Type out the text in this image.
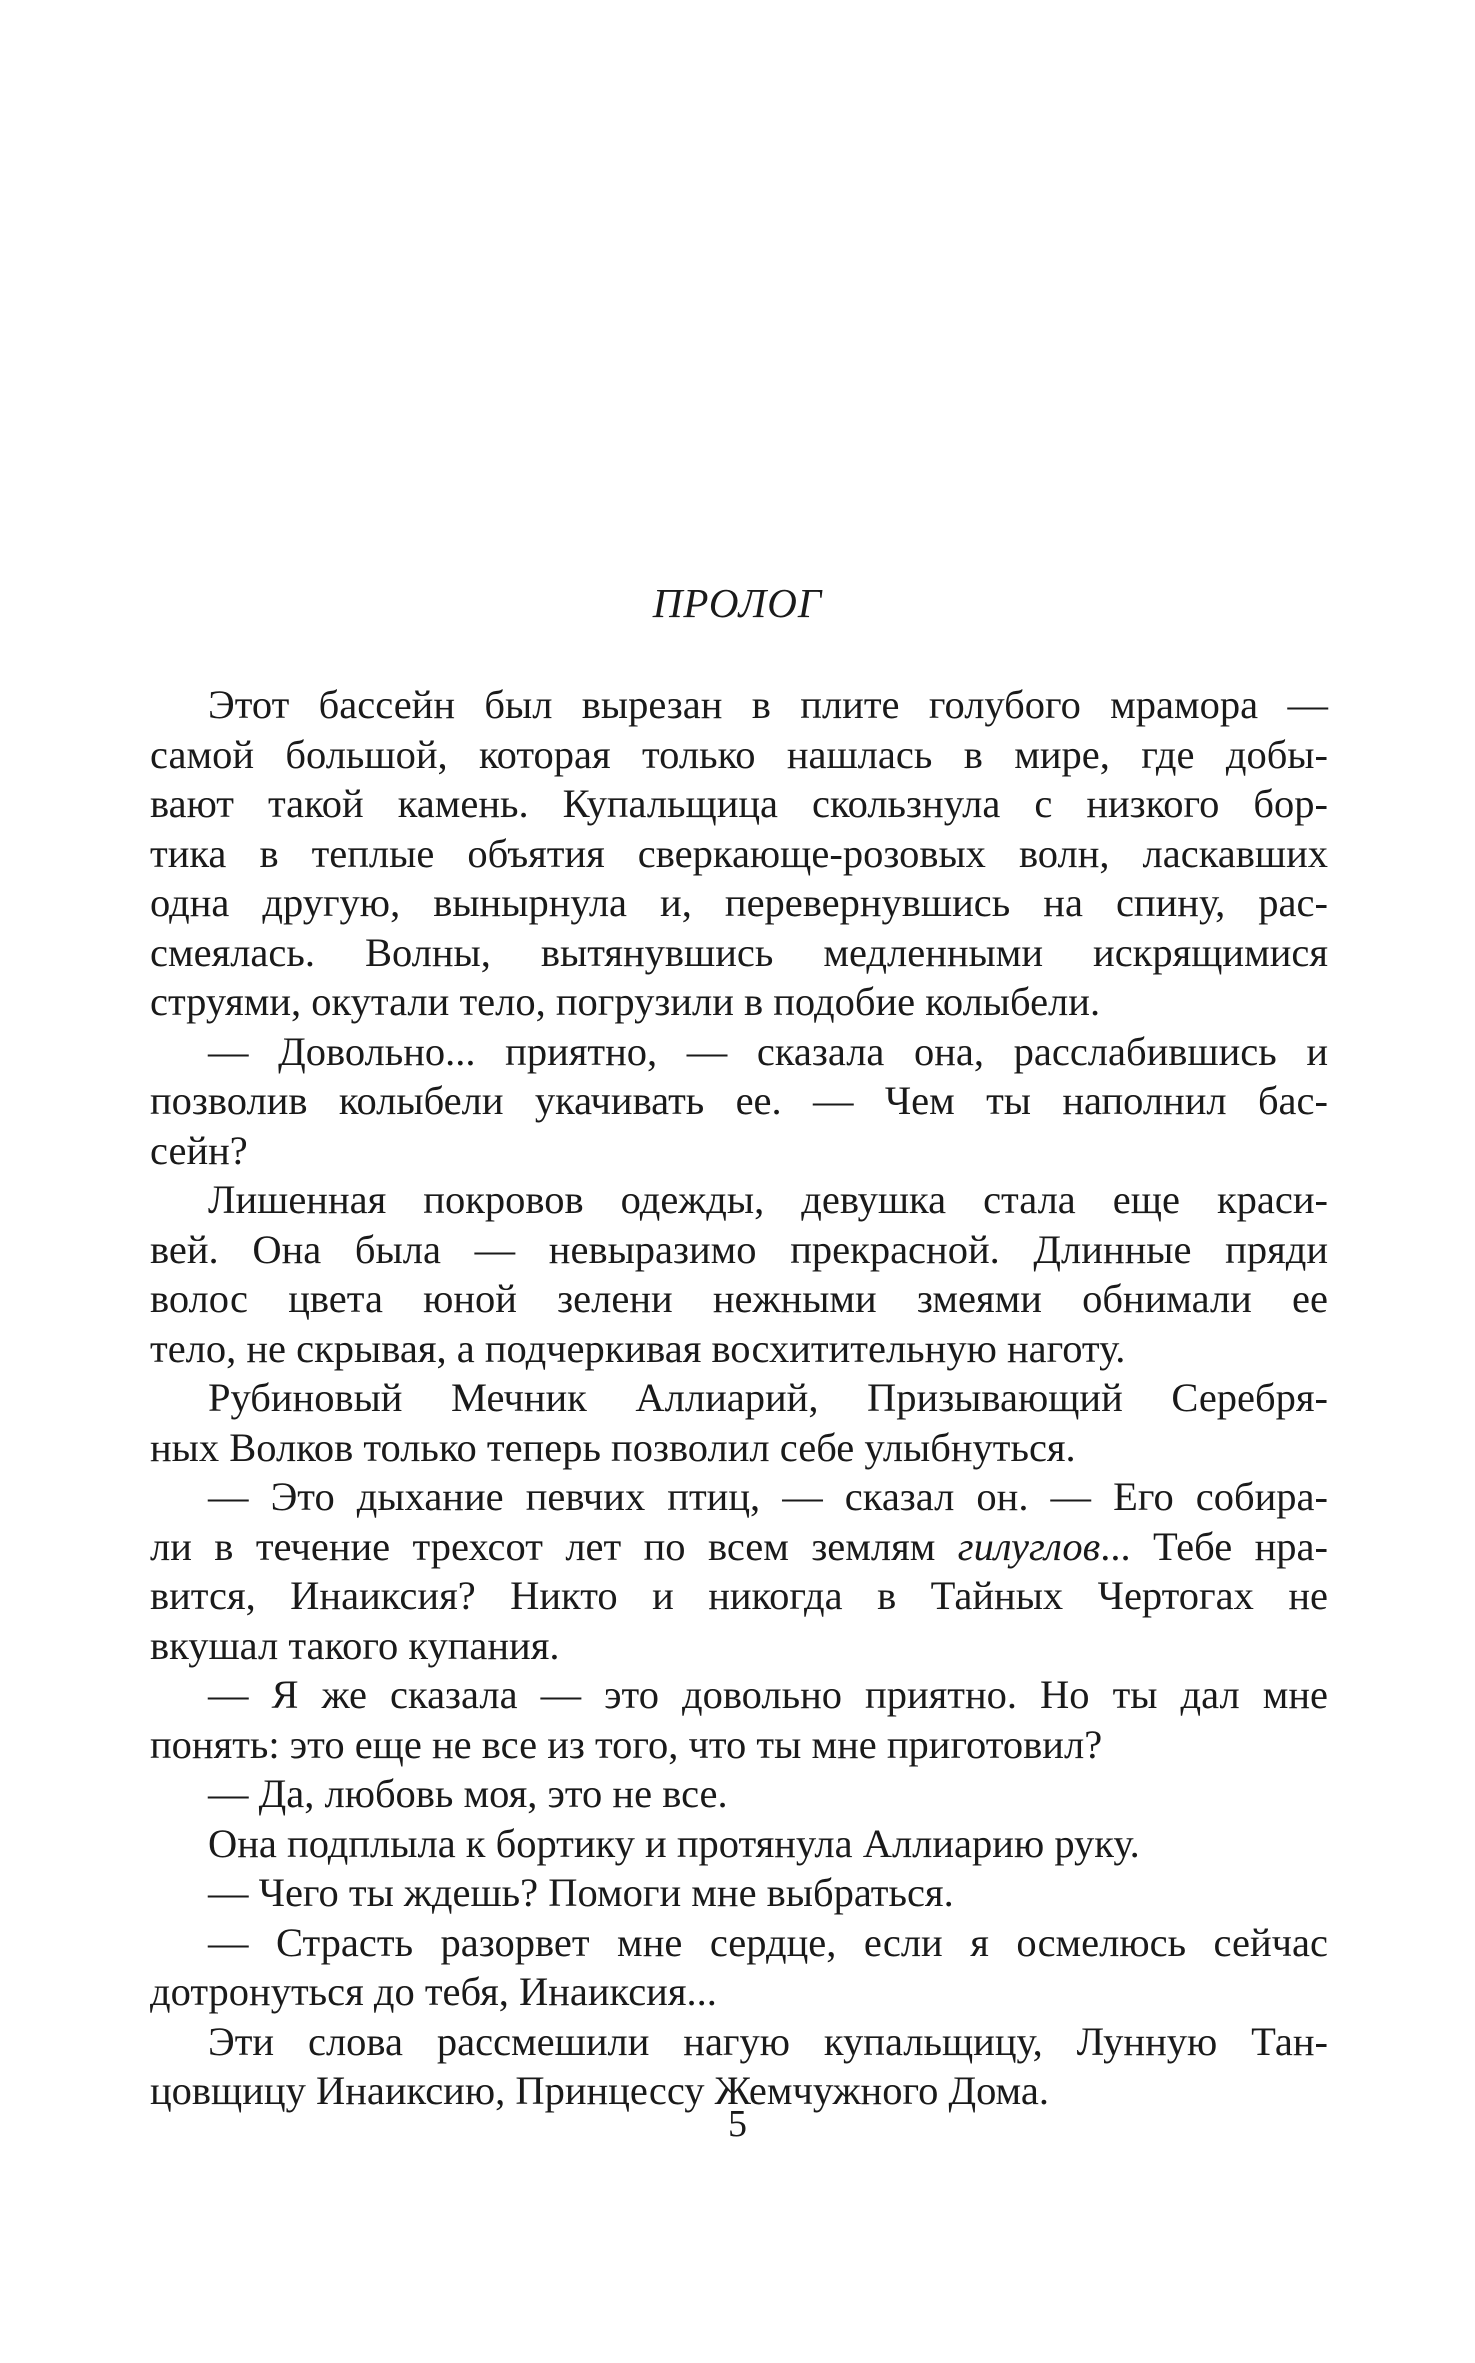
ПРОЛОГ
Этот бассейн был вырезан в плите голубого мрамора —
самой большой, которая только нашлась в мире, где добы-
вают такой камень. Купальщица скользнула с низкого бор-
тика в теплые объятия сверкающе-розовых волн, ласкавших
одна другую, вынырнула и, перевернувшись на спину, рас-
смеялась. Волны, вытянувшись медленными искрящимися
струями, окутали тело, погрузили в подобие колыбели.
— Довольно... приятно, — сказала она, расслабившись и
позволив колыбели укачивать ее. — Чем ты наполнил бас-
сейн?
Лишенная покровов одежды, девушка стала еще краси-
вей. Она была — невыразимо прекрасной. Длинные пряди
волос цвета юной зелени нежными змеями обнимали ее
тело, не скрывая, а подчеркивая восхитительную наготу.
Рубиновый Мечник Аллиарий, Призывающий Серебря-
ных Волков только теперь позволил себе улыбнуться.
— Это дыхание певчих птиц, — сказал он. — Его собира-
ли в течение трехсот лет по всем землям гилуглов... Тебе нра-
вится, Инаиксия? Никто и никогда в Тайных Чертогах не
вкушал такого купания.
— Я же сказала — это довольно приятно. Но ты дал мне
понять: это еще не все из того, что ты мне приготовил?
— Да, любовь моя, это не все.
Она подплыла к бортику и протянула Аллиарию руку.
— Чего ты ждешь? Помоги мне выбраться.
— Страсть разорвет мне сердце, если я осмелюсь сейчас
дотронуться до тебя, Инаиксия...
Эти слова рассмешили нагую купальщицу, Лунную Тан-
цовщицу Инаиксию, Принцессу Жемчужного Дома.
5
